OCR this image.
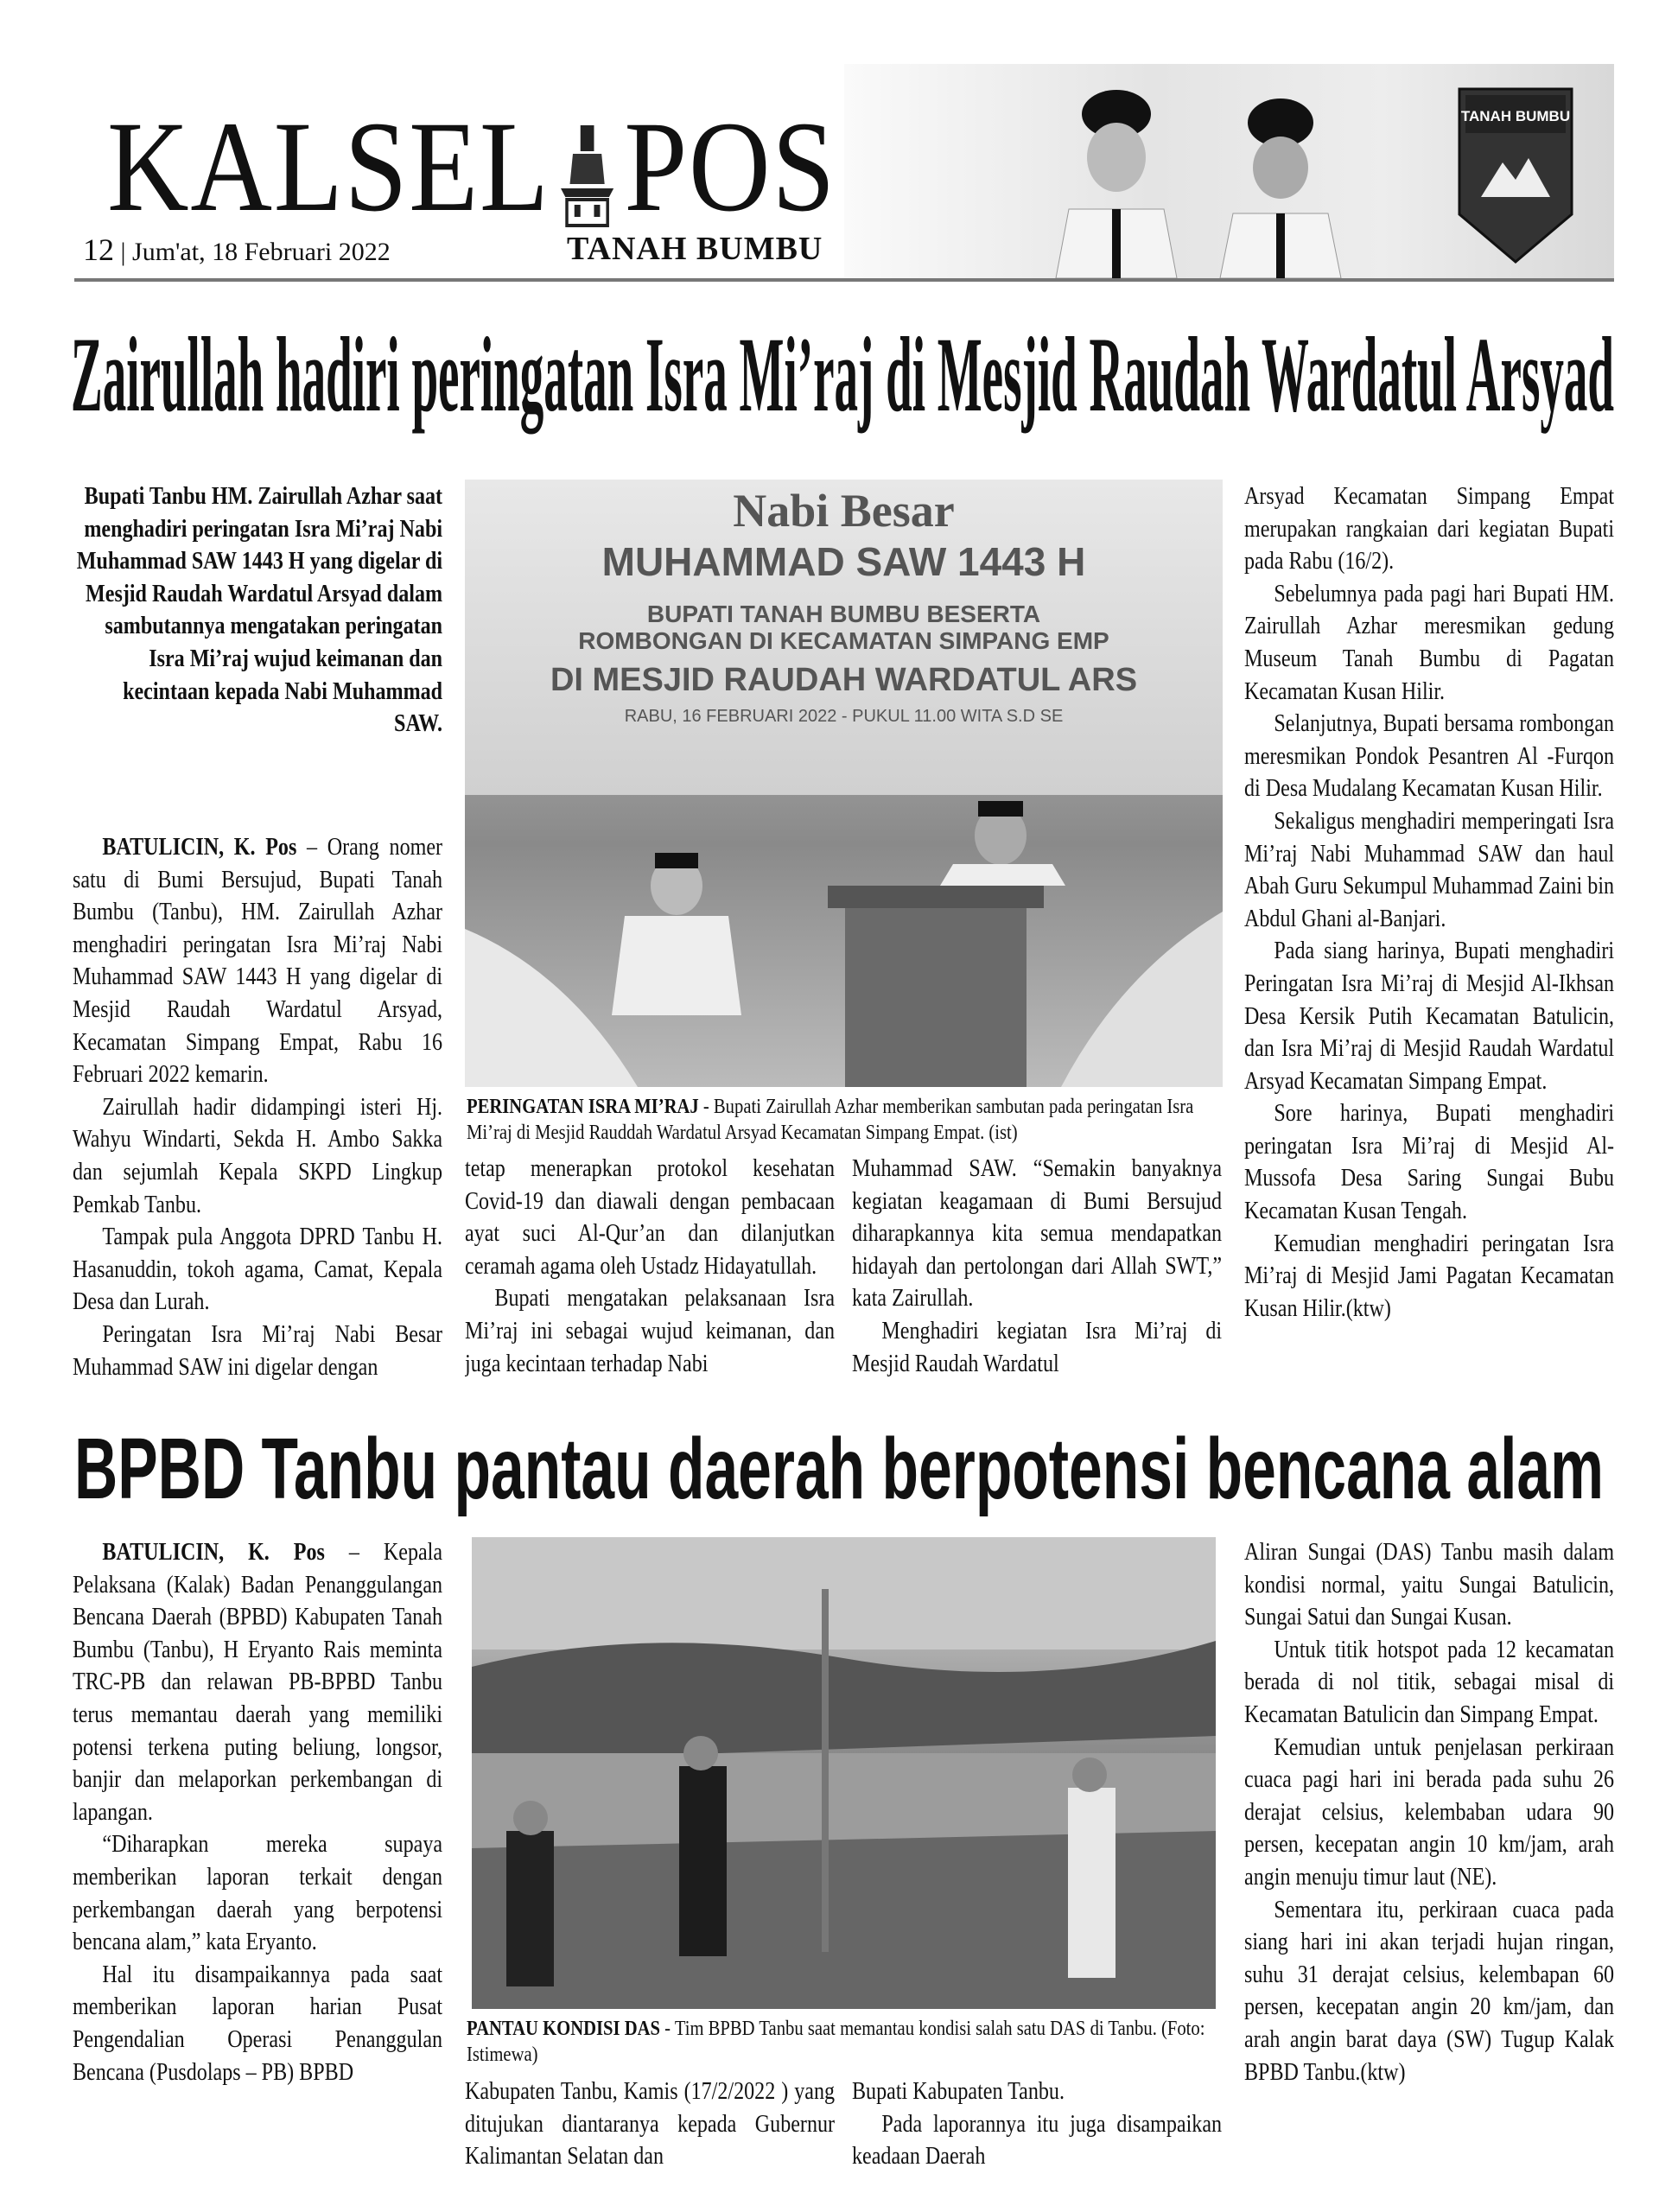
KALSEL POS
12 | Jum'at, 18 Februari 2022	TANAH BUMBU
TANAH BUMBU
Zairullah hadiri peringatan Isra Mi’raj di Mesjid Raudah Wardatul Arsyad

Bupati Tanbu HM. Zairullah Azhar saat menghadiri peringatan Isra Mi’raj Nabi Muhammad SAW 1443 H yang digelar di Mesjid Raudah Wardatul Arsyad dalam sambutannya mengatakan peringatan Isra Mi’raj wujud keimanan dan kecintaan kepada Nabi Muhammad SAW.

BATULICIN, K. Pos – Orang nomer satu di Bumi Bersujud, Bupati Tanah Bumbu (Tanbu), HM. Zairullah Azhar menghadiri peringatan Isra Mi’raj Nabi Muhammad SAW 1443 H yang digelar di Mesjid Raudah Wardatul Arsyad, Kecamatan Simpang Empat, Rabu 16 Februari 2022 kemarin.

Zairullah hadir didampingi isteri Hj. Wahyu Windarti, Sekda H. Ambo Sakka dan sejumlah Kepala SKPD Lingkup Pemkab Tanbu.

Tampak pula Anggota DPRD Tanbu H. Hasanuddin, tokoh agama, Camat, Kepala Desa dan Lurah.

Peringatan Isra Mi’raj Nabi Besar Muhammad SAW ini digelar dengan

Nabi Besar
MUHAMMAD SAW 1443 H
BUPATI TANAH BUMBU BESERTA
ROMBONGAN DI KECAMATAN SIMPANG EMP
DI MESJID RAUDAH WARDATUL ARS
RABU, 16 FEBRUARI 2022 - PUKUL 11.00 WITA S.D SE
PERINGATAN ISRA MI’RAJ - Bupati Zairullah Azhar memberikan sambutan pada peringatan Isra Mi’raj di Mesjid Rauddah Wardatul Arsyad Kecamatan Simpang Empat. (ist)

tetap menerapkan protokol kesehatan Covid-19 dan diawali dengan pembacaan ayat suci Al-Qur’an dan dilanjutkan ceramah agama oleh Ustadz Hidayatullah.

Bupati mengatakan pelaksanaan Isra Mi’raj ini sebagai wujud keimanan, dan juga kecintaan terhadap Nabi

Muhammad SAW. “Semakin banyaknya kegiatan keagamaan di Bumi Bersujud diharapkannya kita semua mendapatkan hidayah dan pertolongan dari Allah SWT,” kata Zairullah.

Menghadiri kegiatan Isra Mi’raj di Mesjid Raudah Wardatul

Arsyad Kecamatan Simpang Empat merupakan rangkaian dari kegiatan Bupati pada Rabu (16/2).

Sebelumnya pada pagi hari Bupati HM. Zairullah Azhar meresmikan gedung Museum Tanah Bumbu di Pagatan Kecamatan Kusan Hilir.

Selanjutnya, Bupati bersama rombongan meresmikan Pondok Pesantren Al -Furqon di Desa Mudalang Kecamatan Kusan Hilir.

Sekaligus menghadiri memperingati Isra Mi’raj Nabi Muhammad SAW dan haul Abah Guru Sekumpul Muhammad Zaini bin Abdul Ghani al-Banjari.

Pada siang harinya, Bupati menghadiri Peringatan Isra Mi’raj di Mesjid Al-Ikhsan Desa Kersik Putih Kecamatan Batulicin, dan Isra Mi’raj di Mesjid Raudah Wardatul Arsyad Kecamatan Simpang Empat.

Sore harinya, Bupati menghadiri peringatan Isra Mi’raj di Mesjid Al-Mussofa Desa Saring Sungai Bubu Kecamatan Kusan Tengah.

Kemudian menghadiri peringatan Isra Mi’raj di Mesjid Jami Pagatan Kecamatan Kusan Hilir.(ktw)

BPBD Tanbu pantau daerah berpotensi bencana alam

BATULICIN, K. Pos – Kepala Pelaksana (Kalak) Badan Penanggulangan Bencana Daerah (BPBD) Kabupaten Tanah Bumbu (Tanbu), H Eryanto Rais meminta TRC-PB dan relawan PB-BPBD Tanbu terus memantau daerah yang memiliki potensi terkena puting beliung, longsor, banjir dan melaporkan perkembangan di lapangan.

“Diharapkan mereka supaya memberikan laporan terkait dengan perkembangan daerah yang berpotensi bencana alam,” kata Eryanto.

Hal itu disampaikannya pada saat memberikan laporan harian Pusat Pengendalian Operasi Penanggulan Bencana (Pusdolaps – PB) BPBD

PANTAU KONDISI DAS - Tim BPBD Tanbu saat memantau kondisi salah satu DAS di Tanbu. (Foto: Istimewa)

Kabupaten Tanbu, Kamis (17/2/2022 ) yang ditujukan diantaranya kepada Gubernur Kalimantan Selatan dan

Bupati Kabupaten Tanbu.

Pada laporannya itu juga disampaikan keadaan Daerah

Aliran Sungai (DAS) Tanbu masih dalam kondisi normal, yaitu Sungai Batulicin, Sungai Satui dan Sungai Kusan.

Untuk titik hotspot pada 12 kecamatan berada di nol titik, sebagai misal di Kecamatan Batulicin dan Simpang Empat.

Kemudian untuk penjelasan perkiraan cuaca pagi hari ini berada pada suhu 26 derajat celsius, kelembaban udara 90 persen, kecepatan angin 10 km/jam, arah angin menuju timur laut (NE).

Sementara itu, perkiraan cuaca pada siang hari ini akan terjadi hujan ringan, suhu 31 derajat celsius, kelembapan 60 persen, kecepatan angin 20 km/jam, dan arah angin barat daya (SW) Tugup Kalak BPBD Tanbu.(ktw)
